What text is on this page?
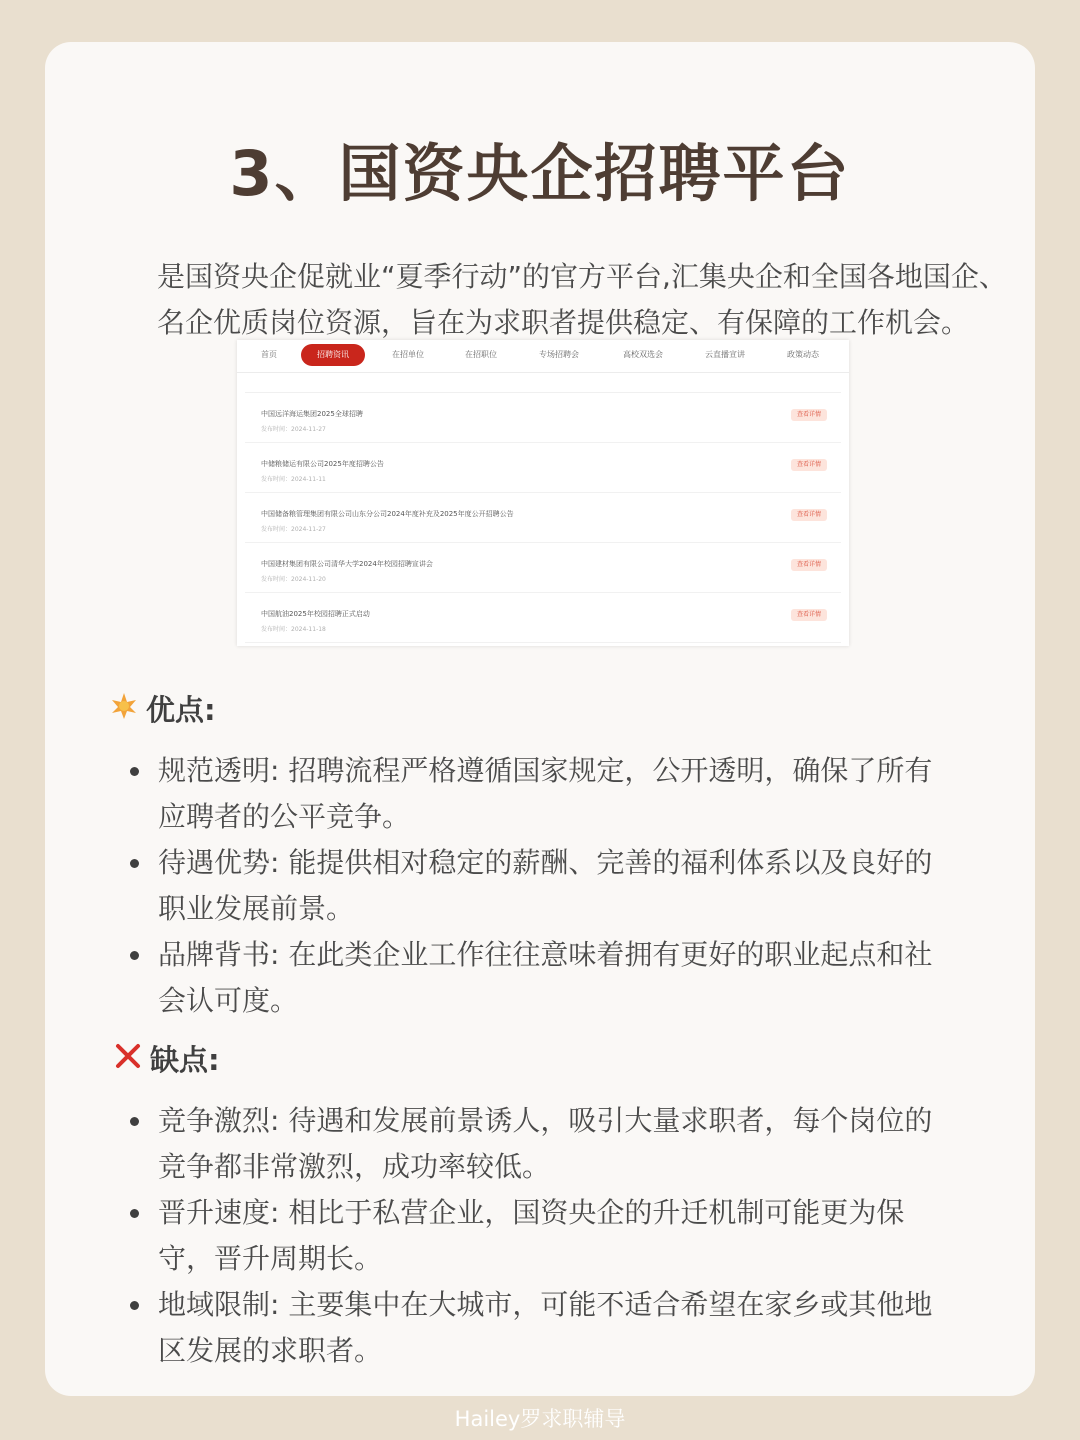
3、国资央企招聘平台
是国资央企促就业“夏季行动”的官方平台,汇集央企和全国各地国企、名企优质岗位资源，旨在为求职者提供稳定、有保障的工作机会。
首页	招聘资讯	在招单位	在招职位	专场招聘会	高校双选会	云直播宣讲	政策动态
中国远洋海运集团2025全球招聘
发布时间：2024-11-27
查看详情
中储粮储运有限公司2025年度招聘公告
发布时间：2024-11-11
查看详情
中国储备粮管理集团有限公司山东分公司2024年度补充及2025年度公开招聘公告
发布时间：2024-11-27
查看详情
中国建材集团有限公司清华大学2024年校园招聘宣讲会
发布时间：2024-11-20
查看详情
中国航油2025年校园招聘正式启动
发布时间：2024-11-18
查看详情
优点:
规范透明: 招聘流程严格遵循国家规定，公开透明，确保了所有应聘者的公平竞争。
待遇优势: 能提供相对稳定的薪酬、完善的福利体系以及良好的职业发展前景。
品牌背书: 在此类企业工作往往意味着拥有更好的职业起点和社会认可度。
缺点:
竞争激烈: 待遇和发展前景诱人，吸引大量求职者，每个岗位的竞争都非常激烈，成功率较低。
晋升速度: 相比于私营企业，国资央企的升迁机制可能更为保守，晋升周期长。
地域限制: 主要集中在大城市，可能不适合希望在家乡或其他地区发展的求职者。
Hailey罗求职辅导
